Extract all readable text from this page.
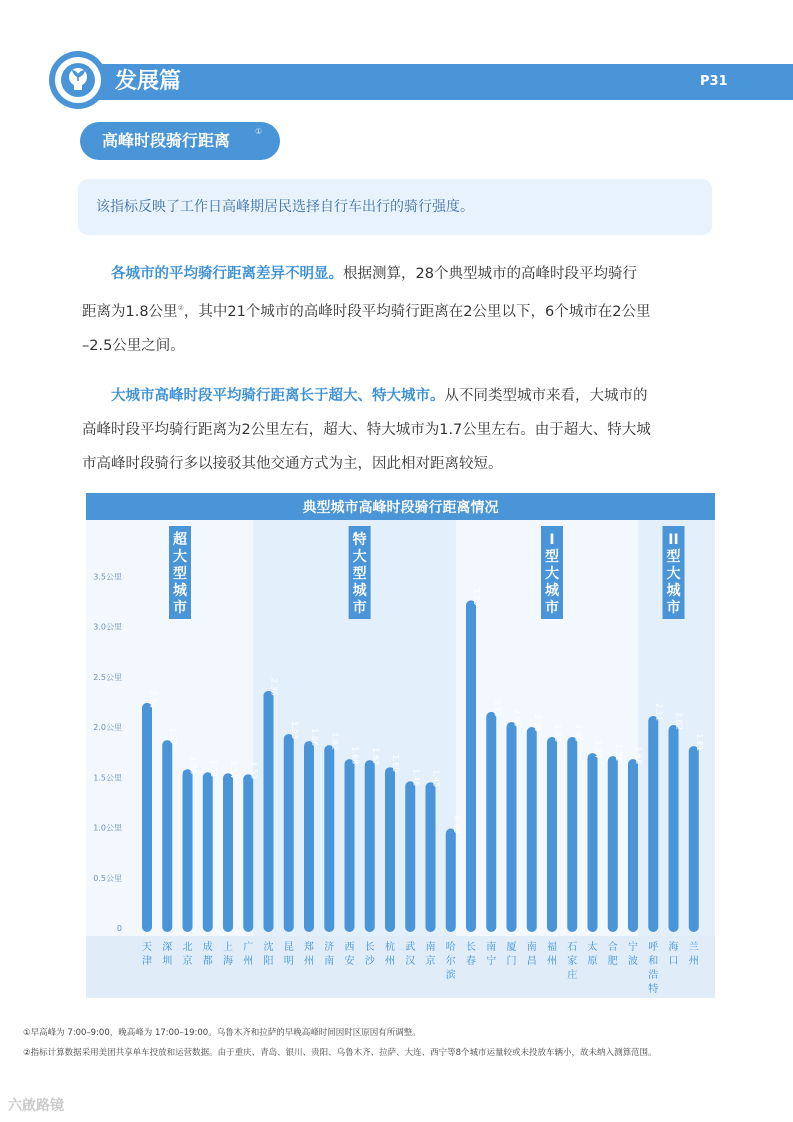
发展篇	P31
高峰时段骑行距离	①
该指标反映了工作日高峰期居民选择自行车出行的骑行强度。

各城市的平均骑行距离差异不明显。根据测算，28个典型城市的高峰时段平均骑行

距离为1.8公里②，其中21个城市的高峰时段平均骑行距离在2公里以下，6个城市在2公里

–2.5公里之间。

大城市高峰时段平均骑行距离长于超大、特大城市。从不同类型城市来看，大城市的

高峰时段平均骑行距离为2公里左右，超大、特大城市为1.7公里左右。由于超大、特大城

市高峰时段骑行多以接驳其他交通方式为主，因此相对距离较短。

典型城市高峰时段骑行距离情况
0
0.5公里
1.0公里
1.5公里
2.0公里
2.5公里
3.0公里
3.5公里
超大型城市
特大型城市
I 型大城市
II 型大城市
2.24
天津
1.87
深圳
1.58
北京
1.55
成都
1.54
上海
1.53
广州
2.36
沈阳
1.93
昆明
1.86
郑州
1.82
济南
1.68
西安
1.67
长沙
1.60
杭州
1.46
武汉
1.45
南京
0.99
哈尔滨
3.26
长春
2.15
南宁
2.05
厦门
2.00
南昌
1.90
福州
1.90
石家庄
1.74
太原
1.71
合肥
1.68
宁波
2.11
呼和浩特
2.02
海口
1.81
兰州
①早高峰为 7:00–9:00，晚高峰为 17:00–19:00。乌鲁木齐和拉萨的早晚高峰时间因时区原因有所调整。
②指标计算数据采用美团共享单车投放和运营数据。由于重庆、青岛、银川、贵阳、乌鲁木齐、拉萨、大连、西宁等8个城市运量较或未投放车辆小，故未纳入测算范围。
六啟路镜
